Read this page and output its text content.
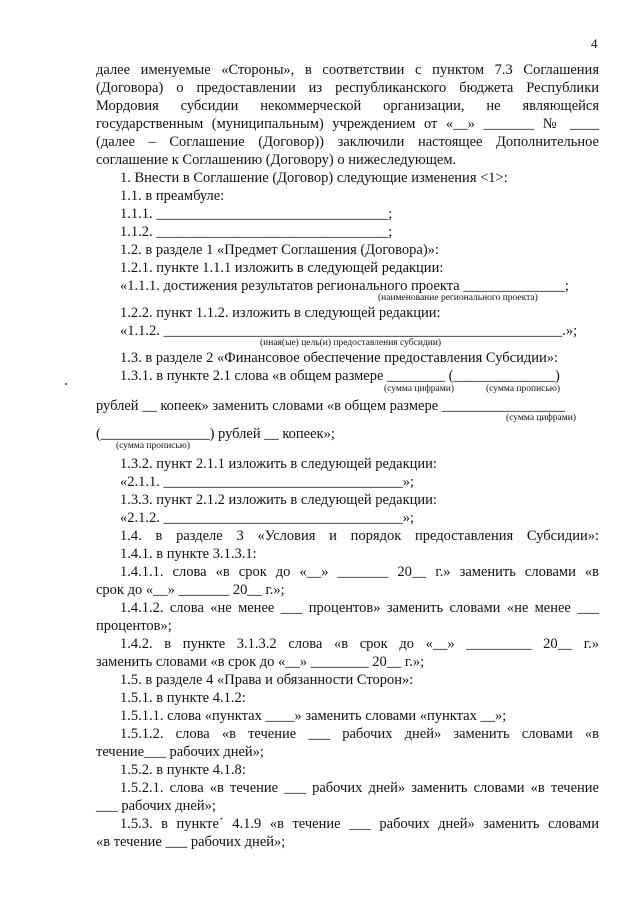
4
далее именуемые «Стороны», в соответствии с пунктом 7.3 Соглашения
(Договора) о предоставлении из республиканского бюджета Республики
Мордовия субсидии некоммерческой организации, не являющейся
государственным (муниципальным) учреждением от «__» _______ № ____
(далее – Соглашение (Договор)) заключили настоящее Дополнительное
соглашение к Соглашению (Договору) о нижеследующем.
1. Внести в Соглашение (Договор) следующие изменения <1>:
1.1. в преамбуле:
1.1.1. ________________________________;
1.1.2. ________________________________;
1.2. в разделе 1 «Предмет Соглашения (Договора)»:
1.2.1. пункте 1.1.1 изложить в следующей редакции:
«1.1.1. достижения результатов регионального проекта ______________;
(наименование регионального проекта)
1.2.2. пункт 1.1.2. изложить в следующей редакции:
«1.1.2. _______________________________________________________.»;
(иная(ые) цель(и) предоставления субсидии)
1.3. в разделе 2 «Финансовое обеспечение предоставления Субсидии»:
1.3.1. в пункте 2.1 слова «в общем размере ________ (______________)
(сумма цифрами)	(сумма прописью)
рублей __ копеек» заменить словами «в общем размере _________________
(сумма цифрами)
(_______________) рублей __ копеек»;
(сумма прописью)
1.3.2. пункт 2.1.1 изложить в следующей редакции:
«2.1.1. _________________________________»;
1.3.3. пункт 2.1.2 изложить в следующей редакции:
«2.1.2. _________________________________»;
1.4. в разделе 3 «Условия и порядок предоставления Субсидии»:
1.4.1. в пункте 3.1.3.1:
1.4.1.1. слова «в срок до «__» _______ 20__ г.» заменить словами «в
срок до «__» _______ 20__ г.»;
1.4.1.2. слова «не менее ___ процентов» заменить словами «не менее ___
процентов»;
1.4.2. в пункте 3.1.3.2 слова «в срок до «__» _________ 20__ г.»
заменить словами «в срок до «__» ________ 20__ г.»;
1.5. в разделе 4 «Права и обязанности Сторон»:
1.5.1. в пункте 4.1.2:
1.5.1.1. слова «пунктах ____» заменить словами «пунктах __»;
1.5.1.2. слова «в течение ___ рабочих дней» заменить словами «в
течение___ рабочих дней»;
1.5.2. в пункте 4.1.8:
1.5.2.1. слова «в течение ___ рабочих дней» заменить словами «в течение
___ рабочих дней»;
1.5.3. в пункте´ 4.1.9 «в течение ___ рабочих дней» заменить словами
«в течение ___ рабочих дней»;
